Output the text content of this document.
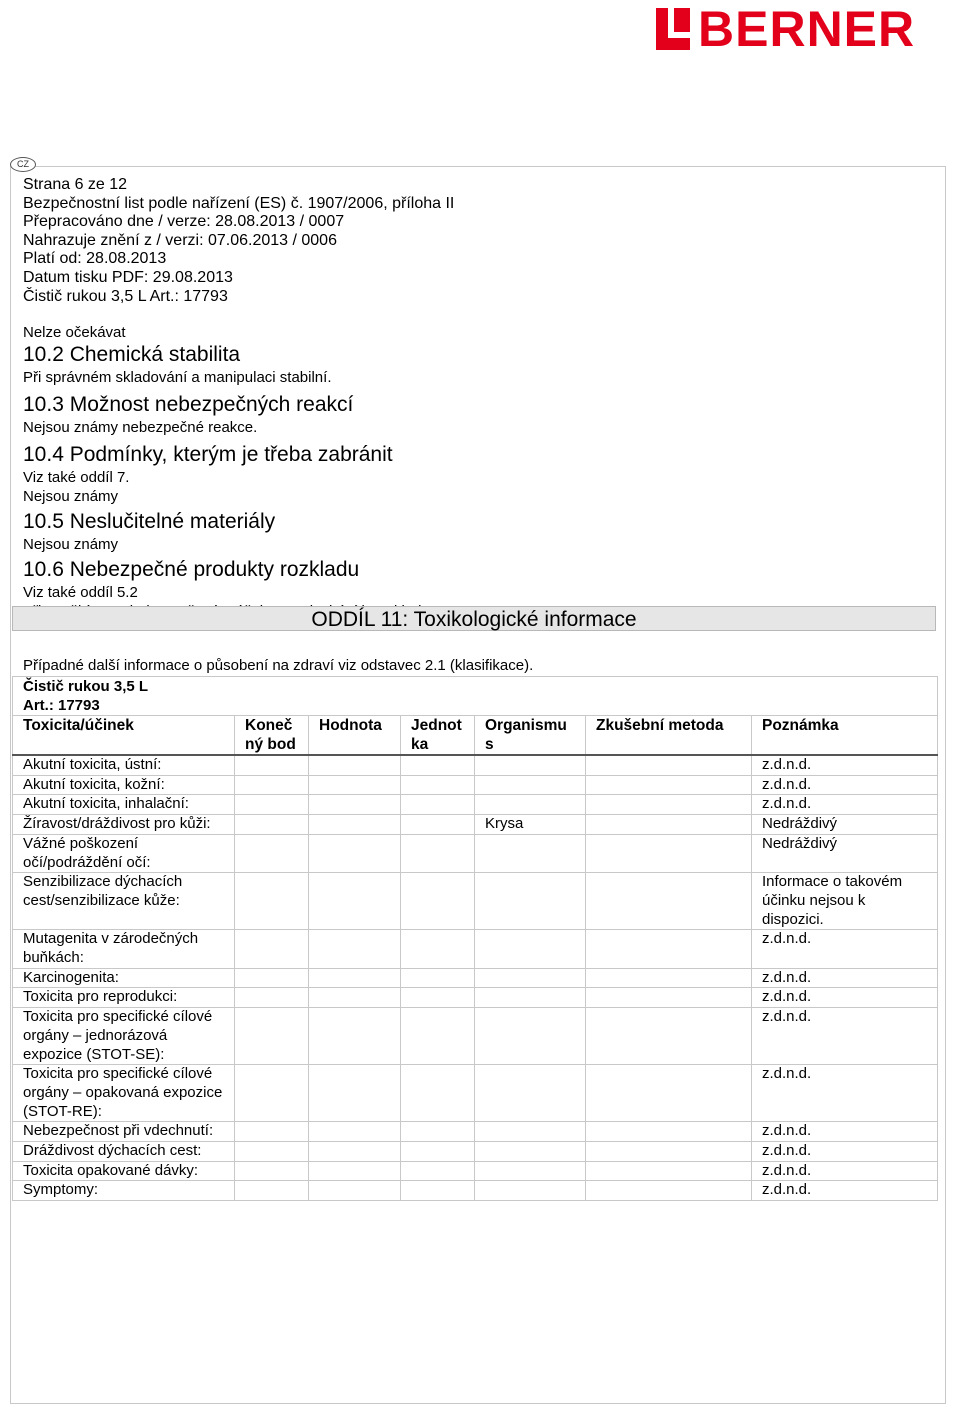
BERNER
CZ
Strana 6 ze 12
Bezpečnostní list podle nařízení (ES) č. 1907/2006, příloha II
Přepracováno dne / verze: 28.08.2013 / 0007
Nahrazuje znění z / verzi: 07.06.2013 / 0006
Platí od: 28.08.2013
Datum tisku PDF: 29.08.2013
Čistič rukou 3,5 L Art.: 17793
Nelze očekávat
10.2 Chemická stabilita
Při správném skladování a manipulaci stabilní.
10.3 Možnost nebezpečných reakcí
Nejsou známy nebezpečné reakce.
10.4 Podmínky, kterým je třeba zabránit
Viz také oddíl 7.
Nejsou známy
10.5 Neslučitelné materiály
Nejsou známy
10.6 Nebezpečné produkty rozkladu
Viz také oddíl 5.2
ODDÍL 11: Toxikologické informace
Případné další informace o působení na zdraví viz odstavec 2.1 (klasifikace).
Čistič rukou 3,5 L						
Art.: 17793						
Toxicita/účinek	Koneč ný bod	Hodnota	Jednot ka	Organismu s	Zkušební metoda	Poznámka
Akutní toxicita, ústní:						z.d.n.d.
Akutní toxicita, kožní:						z.d.n.d.
Akutní toxicita, inhalační:						z.d.n.d.
Žíravost/dráždivost pro kůži:				Krysa		Nedráždivý
Vážné poškození očí/podráždění očí:						Nedráždivý
Senzibilizace dýchacích cest/senzibilizace kůže:						Informace o takovém účinku nejsou k dispozici.
Mutagenita v zárodečných buňkách:						z.d.n.d.
Karcinogenita:						z.d.n.d.
Toxicita pro reprodukci:						z.d.n.d.
Toxicita pro specifické cílové orgány – jednorázová expozice (STOT-SE):						z.d.n.d.
Toxicita pro specifické cílové orgány – opakovaná expozice (STOT-RE):						z.d.n.d.
Nebezpečnost při vdechnutí:						z.d.n.d.
Dráždivost dýchacích cest:						z.d.n.d.
Toxicita opakované dávky:						z.d.n.d.
Symptomy:						z.d.n.d.
